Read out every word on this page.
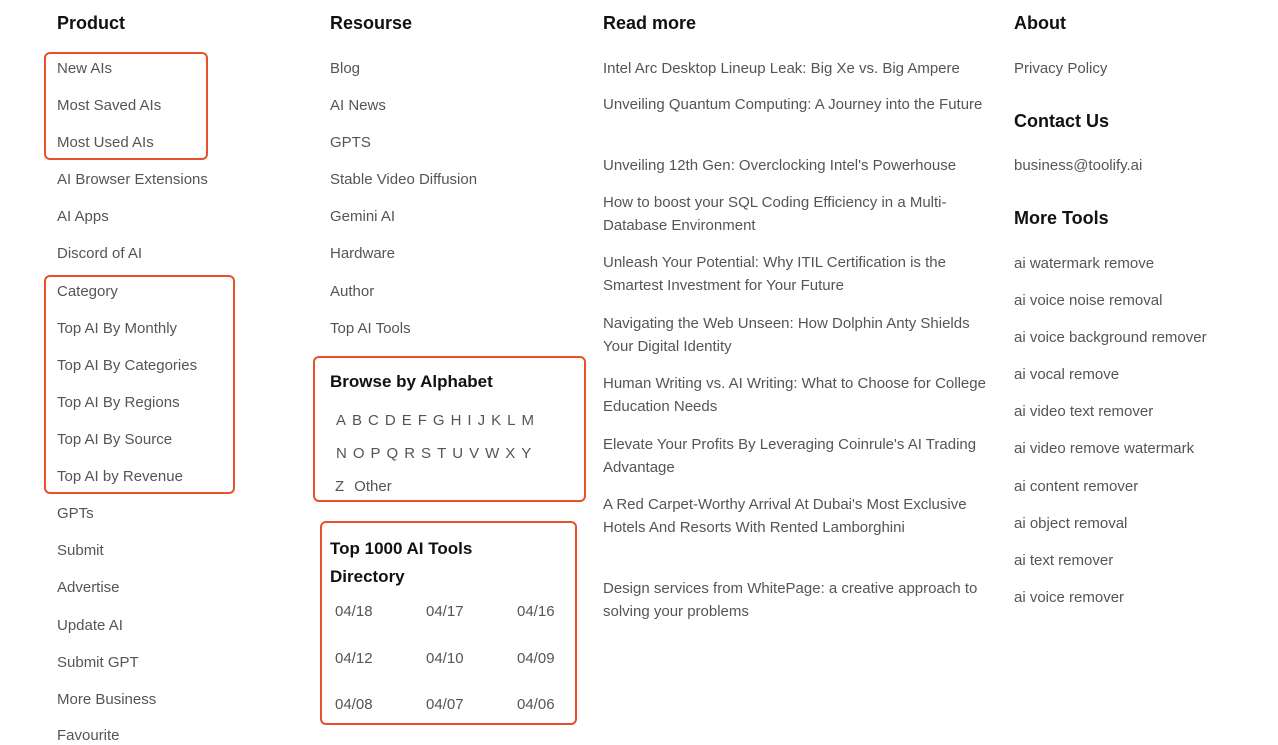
Product
New AIs
Most Saved AIs
Most Used AIs
AI Browser Extensions
AI Apps
Discord of AI
Category
Top AI By Monthly
Top AI By Categories
Top AI By Regions
Top AI By Source
Top AI by Revenue
GPTs
Submit
Advertise
Update AI
Submit GPT
More Business
Favourite
Resourse
Blog
AI News
GPTS
Stable Video Diffusion
Gemini AI
Hardware
Author
Top AI Tools
Browse by Alphabet
A B C D E F G H I J K L M
N O P Q R S T U V W X Y
Z Other
Top 1000 AI Tools
Directory
04/18	04/17	04/16
04/12	04/10	04/09
04/08	04/07	04/06
Read more
Intel Arc Desktop Lineup Leak: Big Xe vs. Big Ampere
Unveiling Quantum Computing: A Journey into the Future
Unveiling 12th Gen: Overclocking Intel's Powerhouse
How to boost your SQL Coding Efficiency in a Multi-Database Environment
Unleash Your Potential: Why ITIL Certification is the Smartest Investment for Your Future
Navigating the Web Unseen: How Dolphin Anty Shields Your Digital Identity
Human Writing vs. AI Writing: What to Choose for College Education Needs
Elevate Your Profits By Leveraging Coinrule's AI Trading Advantage
A Red Carpet-Worthy Arrival At Dubai's Most Exclusive Hotels And Resorts With Rented Lamborghini
Design services from WhitePage: a creative approach to solving your problems
About
Privacy Policy
Contact Us
business@toolify.ai
More Tools
ai watermark remove
ai voice noise removal
ai voice background remover
ai vocal remove
ai video text remover
ai video remove watermark
ai content remover
ai object removal
ai text remover
ai voice remover
